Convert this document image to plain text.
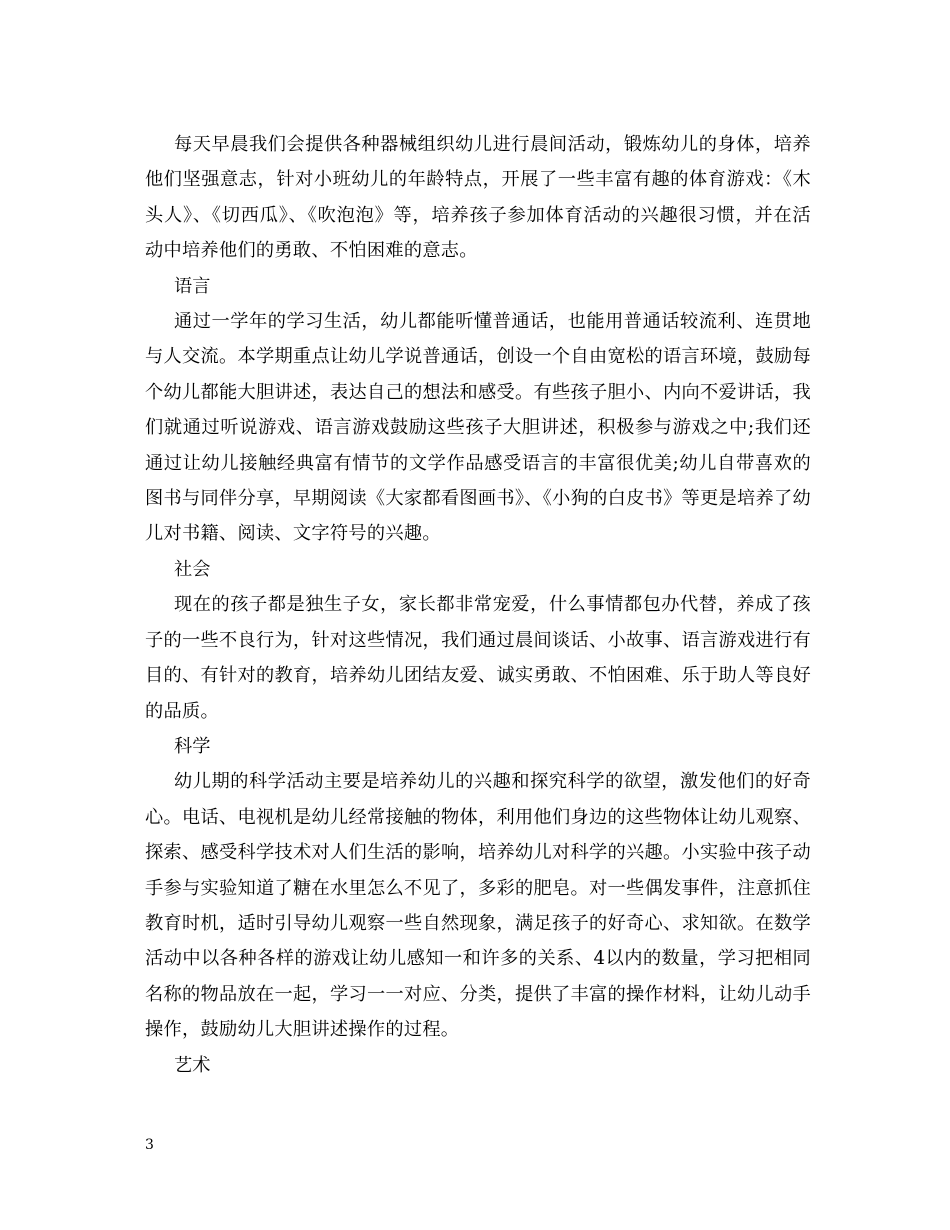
每天早晨我们会提供各种器械组织幼儿进行晨间活动，锻炼幼儿的身体，培养他们坚强意志，针对小班幼儿的年龄特点，开展了一些丰富有趣的体育游戏：《木头人》、《切西瓜》、《吹泡泡》等，培养孩子参加体育活动的兴趣很习惯，并在活动中培养他们的勇敢、不怕困难的意志。

语言

通过一学年的学习生活，幼儿都能听懂普通话，也能用普通话较流利、连贯地与人交流。本学期重点让幼儿学说普通话，创设一个自由宽松的语言环境，鼓励每个幼儿都能大胆讲述，表达自己的想法和感受。有些孩子胆小、内向不爱讲话，我们就通过听说游戏、语言游戏鼓励这些孩子大胆讲述，积极参与游戏之中;我们还通过让幼儿接触经典富有情节的文学作品感受语言的丰富很优美;幼儿自带喜欢的图书与同伴分享，早期阅读《大家都看图画书》、《小狗的白皮书》等更是培养了幼儿对书籍、阅读、文字符号的兴趣。

社会

现在的孩子都是独生子女，家长都非常宠爱，什么事情都包办代替，养成了孩子的一些不良行为，针对这些情况，我们通过晨间谈话、小故事、语言游戏进行有目的、有针对的教育，培养幼儿团结友爱、诚实勇敢、不怕困难、乐于助人等良好的品质。

科学

幼儿期的科学活动主要是培养幼儿的兴趣和探究科学的欲望，激发他们的好奇心。电话、电视机是幼儿经常接触的物体，利用他们身边的这些物体让幼儿观察、探索、感受科学技术对人们生活的影响，培养幼儿对科学的兴趣。小实验中孩子动手参与实验知道了糖在水里怎么不见了，多彩的肥皂。对一些偶发事件，注意抓住教育时机，适时引导幼儿观察一些自然现象，满足孩子的好奇心、求知欲。在数学活动中以各种各样的游戏让幼儿感知一和许多的关系、4以内的数量，学习把相同名称的物品放在一起，学习一一对应、分类，提供了丰富的操作材料，让幼儿动手操作，鼓励幼儿大胆讲述操作的过程。

艺术

3
